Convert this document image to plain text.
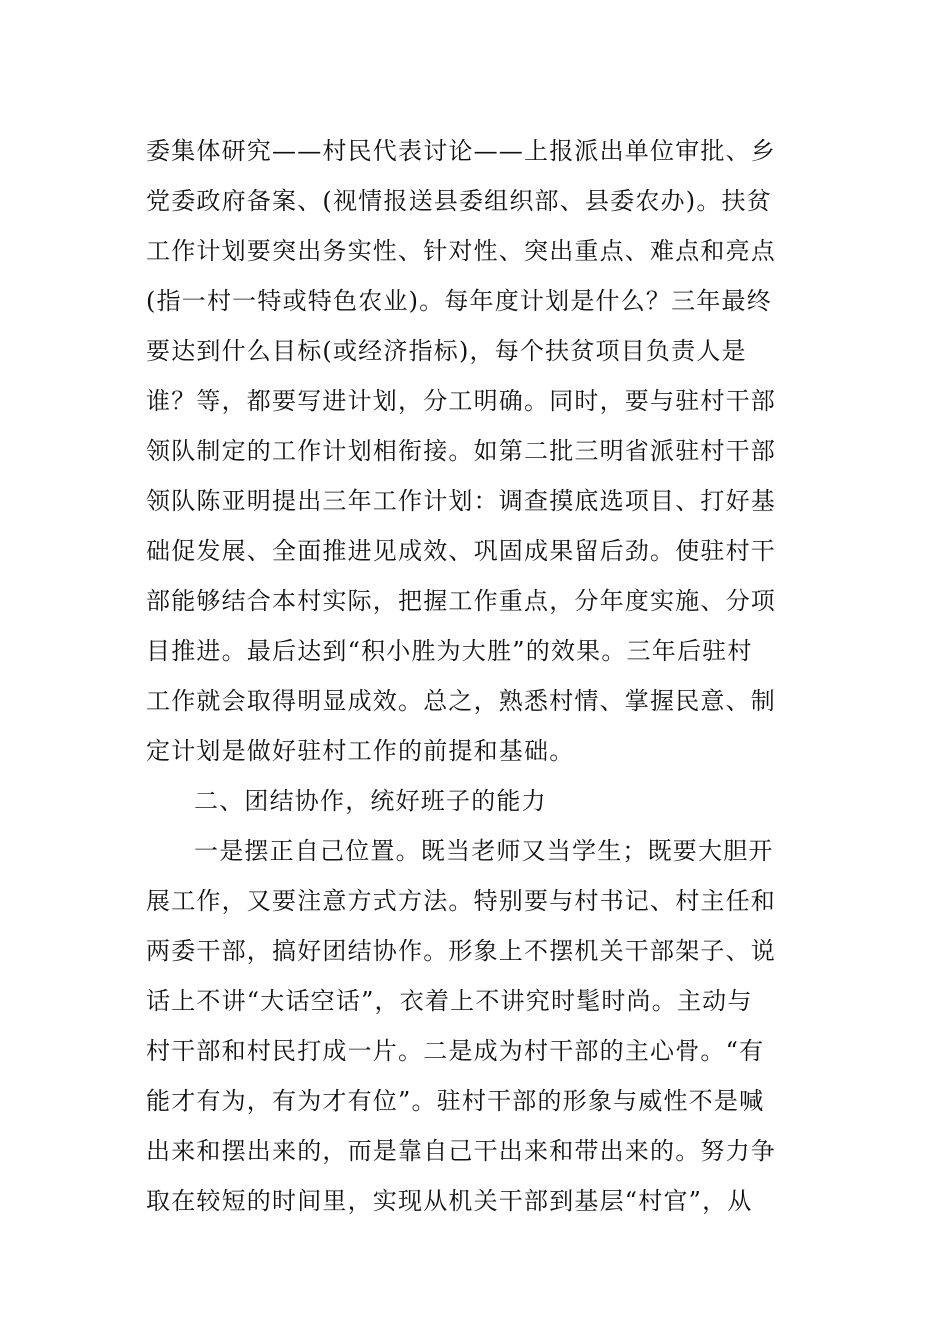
委集体研究——村民代表讨论——上报派出单位审批、乡
党委政府备案、(视情报送县委组织部、县委农办)。扶贫
工作计划要突出务实性、针对性、突出重点、难点和亮点
(指一村一特或特色农业)。每年度计划是什么？三年最终
要达到什么目标(或经济指标)，每个扶贫项目负责人是
谁？等，都要写进计划，分工明确。同时，要与驻村干部
领队制定的工作计划相衔接。如第二批三明省派驻村干部
领队陈亚明提出三年工作计划：调查摸底选项目、打好基
础促发展、全面推进见成效、巩固成果留后劲。使驻村干
部能够结合本村实际，把握工作重点，分年度实施、分项
目推进。最后达到“积小胜为大胜”的效果。三年后驻村
工作就会取得明显成效。总之，熟悉村情、掌握民意、制
定计划是做好驻村工作的前提和基础。
二、团结协作，统好班子的能力
一是摆正自己位置。既当老师又当学生；既要大胆开
展工作，又要注意方式方法。特别要与村书记、村主任和
两委干部，搞好团结协作。形象上不摆机关干部架子、说
话上不讲“大话空话”，衣着上不讲究时髦时尚。主动与
村干部和村民打成一片。二是成为村干部的主心骨。“有
能才有为，有为才有位”。驻村干部的形象与威性不是喊
出来和摆出来的，而是靠自己干出来和带出来的。努力争
取在较短的时间里，实现从机关干部到基层“村官”，从
